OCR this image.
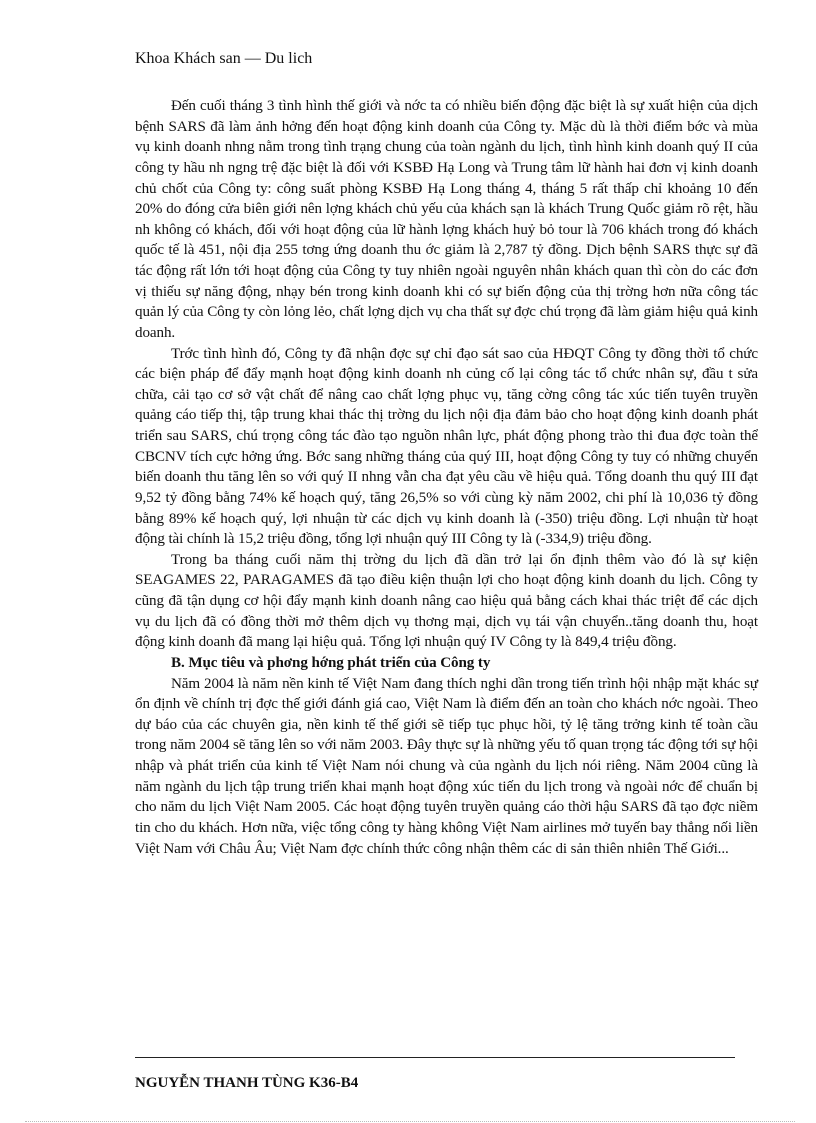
Khoa Khách san — Du lich

Đến cuối tháng 3 tình hình thế giới và nớc ta có nhiều biến động đặc biệt là sự xuất hiện của dịch bệnh SARS đã làm ảnh hởng đến hoạt động kinh doanh của Công ty. Mặc dù là thời điểm bớc và mùa vụ kinh doanh nhng nằm trong tình trạng chung của toàn ngành du lịch, tình hình kinh doanh quý II của công ty hầu nh ngng trệ đặc biệt là đối với KSBĐ Hạ Long và Trung tâm lữ hành hai đơn vị kinh doanh chủ chốt của Công ty: công suất phòng KSBĐ Hạ Long tháng 4, tháng 5 rất thấp chỉ khoảng 10 đến 20% do đóng cửa biên giới nên lợng khách chủ yếu của khách sạn là khách Trung Quốc giảm rõ rệt, hầu nh không có khách, đối với hoạt động của lữ hành lợng khách huỷ bỏ tour là 706 khách trong đó khách quốc tế là 451, nội địa 255 tơng ứng doanh thu ớc giảm là 2,787 tỷ đồng. Dịch bệnh SARS thực sự đã tác động rất lớn tới hoạt động của Công ty tuy nhiên ngoài nguyên nhân khách quan thì còn do các đơn vị thiếu sự năng động, nhạy bén trong kinh doanh khi có sự biến động của thị trờng hơn nữa công tác quản lý của Công ty còn lỏng lẻo, chất lợng dịch vụ cha thất sự đợc chú trọng đã làm giảm hiệu quả kinh doanh.

Trớc tình hình đó, Công ty đã nhận đợc sự chỉ đạo sát sao của HĐQT Công ty đồng thời tổ chức các biện pháp để đẩy mạnh hoạt động kinh doanh nh củng cố lại công tác tổ chức nhân sự, đầu t sửa chữa, cải tạo cơ sở vật chất để nâng cao chất lợng phục vụ, tăng cờng công tác xúc tiến tuyên truyền quảng cáo tiếp thị, tập trung khai thác thị trờng du lịch nội địa đảm bảo cho hoạt động kinh doanh phát triển sau SARS, chú trọng công tác đào tạo nguồn nhân lực, phát động phong trào thi đua đợc toàn thể CBCNV tích cực hởng ứng. Bớc sang những tháng của quý III, hoạt động Công ty tuy có những chuyển biến doanh thu tăng lên so với quý II nhng vẫn cha đạt yêu cầu về hiệu quả. Tổng doanh thu quý III đạt 9,52 tỷ đồng bằng 74% kế hoạch quý, tăng 26,5% so với cùng kỳ năm 2002, chi phí là 10,036 tỷ đồng bằng 89% kế hoạch quý, lợi nhuận từ các dịch vụ kinh doanh là (-350) triệu đồng. Lợi nhuận từ hoạt động tài chính là 15,2 triệu đồng, tổng lợi nhuận quý III Công ty là (-334,9) triệu đồng.

Trong ba tháng cuối năm thị trờng du lịch đã dần trở lại ổn định thêm vào đó là sự kiện SEAGAMES 22, PARAGAMES đã tạo điều kiện thuận lợi cho hoạt động kinh doanh du lịch. Công ty cũng đã tận dụng cơ hội đẩy mạnh kinh doanh nâng cao hiệu quả bằng cách khai thác triệt để các dịch vụ du lịch đã có đồng thời mở thêm dịch vụ thơng mại, dịch vụ tái vận chuyển..tăng doanh thu, hoạt động kinh doanh đã mang lại hiệu quả. Tổng lợi nhuận quý IV Công ty là 849,4 triệu đồng.

B. Mục tiêu và phơng hớng phát triển của Công ty

Năm 2004 là năm nền kinh tế Việt Nam đang thích nghi dần trong tiến trình hội nhập mặt khác sự ổn định về chính trị đợc thế giới đánh giá cao, Việt Nam là điểm đến an toàn cho khách nớc ngoài. Theo dự báo của các chuyên gia, nền kinh tế thế giới sẽ tiếp tục phục hồi, tỷ lệ tăng trởng kinh tế toàn cầu trong năm 2004 sẽ tăng lên so với năm 2003. Đây thực sự là những yếu tố quan trọng tác động tới sự hội nhập và phát triển của kinh tế Việt Nam nói chung và của ngành du lịch nói riêng. Năm 2004 cũng là năm ngành du lịch tập trung triển khai mạnh hoạt động xúc tiến du lịch trong và ngoài nớc để chuẩn bị cho năm du lịch Việt Nam 2005. Các hoạt động tuyên truyền quảng cáo thời hậu SARS đã tạo đợc niềm tin cho du khách. Hơn nữa, việc tổng công ty hàng không Việt Nam airlines mở tuyến bay thẳng nối liền Việt Nam với Châu Âu; Việt Nam đợc chính thức công nhận thêm các di sản thiên nhiên Thế Giới...

NGUYỄN THANH TÙNG K36-B4
